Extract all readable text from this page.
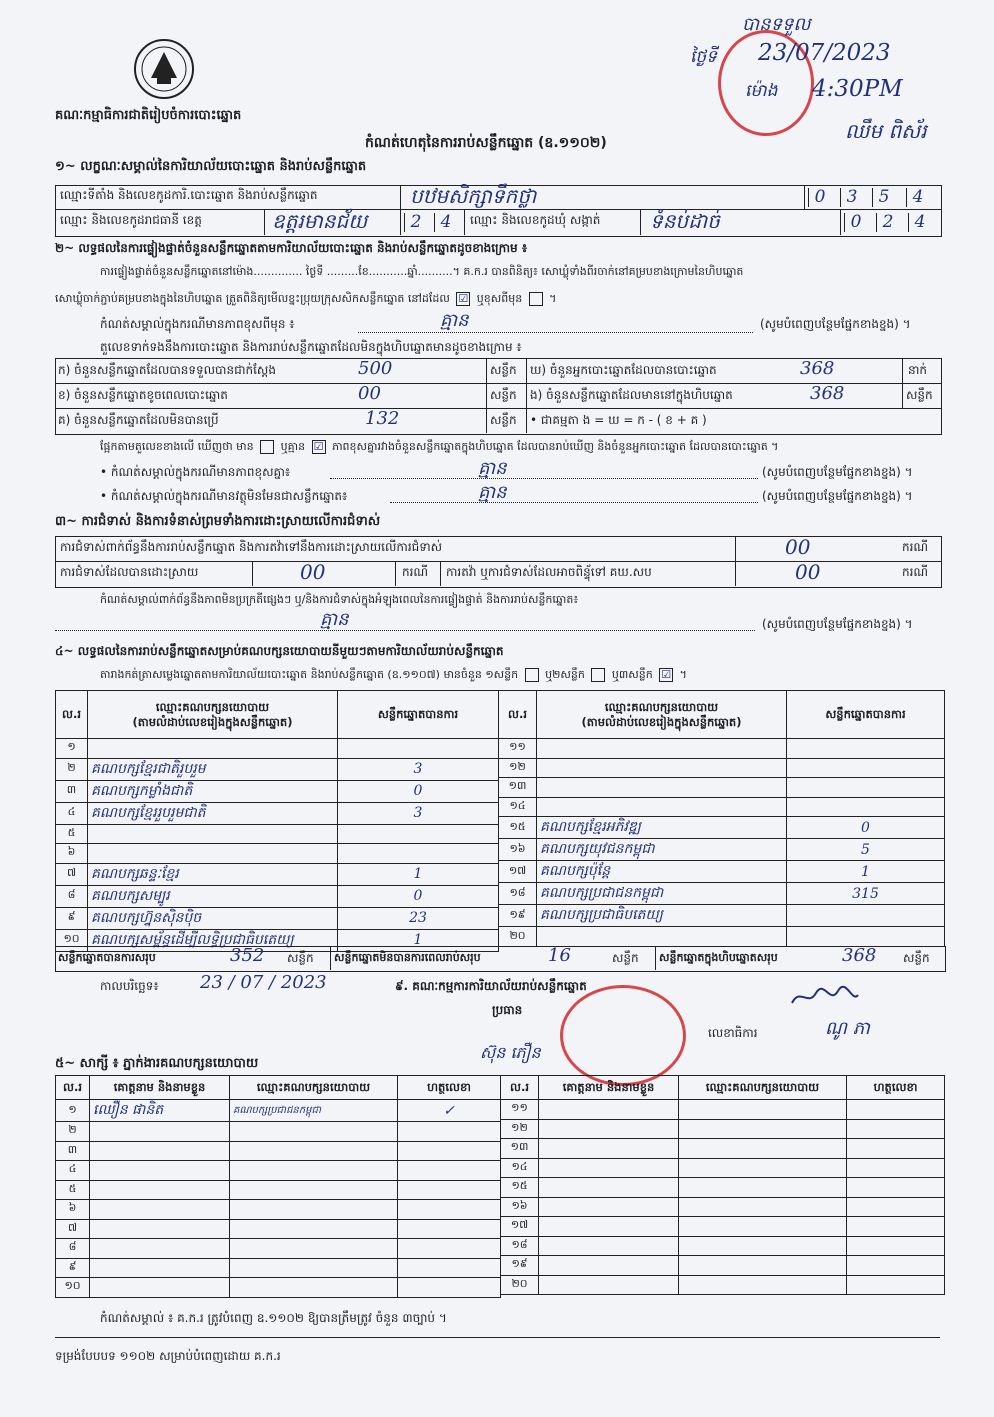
គណៈកម្មាធិការជាតិរៀបចំការបោះឆ្នោត
បានទទួល
ថ្ងៃទី 23/07/2023
ម៉ោង 4:30PM
ឈឹម ពិស័រ
កំណត់ហេតុនៃការរាប់សន្លឹកឆ្នោត (ឧ.១១០២)
១~ លក្ខណៈសម្គាល់នៃការិយាល័យបោះឆ្នោត និងរាប់សន្លឹកឆ្នោត
ឈ្មោះទីតាំង និងលេខកូដការិ.បោះឆ្នោត និងរាប់សន្លឹកឆ្នោត	បឋមសិក្សាទឹកថ្លា	0	3	5	4
ឈ្មោះ និងលេខកូដរាជធានី ខេត្ត	ឧត្តរមានជ័យ	2	4	ឈ្មោះ និងលេខកូដឃុំ សង្កាត់ ទំនប់ដាច់	0	2	4
២~ លទ្ធផលនៃការផ្ទៀងផ្ទាត់ចំនួនសន្លឹកឆ្នោតតាមការិយាល័យបោះឆ្នោត និងរាប់សន្លឹកឆ្នោតដូចខាងក្រោម ៖
ការផ្ទៀងផ្ទាត់ចំនួនសន្លឹកឆ្នោតនៅម៉ោង.............. ថ្ងៃទី .........ខែ...........ឆ្នាំ..........។ គ.ក.រ បានពិនិត្យ៖ សោឃ្លុំទាំងពីរចាក់នៅគម្របខាងក្រោមនៃហិបឆ្នោត
សោឃ្លុំចាក់ភ្ជាប់គម្របខាងក្នុងនៃហិបឆ្នោត ត្រួតពិនិត្យមើលខ្នះប្រុយក្រុសសិកសន្លឹកឆ្នោត នៅដដែល ☑ ឬខុសពីមុន  ។
កំណត់សម្គាល់ក្នុងករណីមានភាពខុសពីមុន ៖	គ្មាន	(សូមបំពេញបន្ថែមផ្នែកខាងខ្នង) ។
តួលេខទាក់ទងនឹងការបោះឆ្នោត និងការរាប់សន្លឹកឆ្នោតដែលមិនក្នុងហិបឆ្នោតមានដូចខាងក្រោម ៖
ក) ចំនួនសន្លឹកឆ្នោតដែលបានទទួលបានជាក់ស្តែង	500	សន្លឹក ឃ) ចំនួនអ្នកបោះឆ្នោតដែលបានបោះឆ្នោត	368	នាក់
ខ) ចំនួនសន្លឹកឆ្នោតខូចពេលបោះឆ្នោត	00	សន្លឹក ង) ចំនួនសន្លឹកឆ្នោតដែលមាននៅក្នុងហិបឆ្នោត	368	សន្លឹក
គ) ចំនួនសន្លឹកឆ្នោតដែលមិនបានប្រើ	132	សន្លឹក • ជាគម្មតា ង = ឃ = ក - ( ខ + គ )
ផ្អែកតាមតួលេខខាងលើ ឃើញថា មាន ឬគ្មាន ☑ ភាពខុសគ្នារវាងចំនួនសន្លឹកឆ្នោតក្នុងហិបឆ្នោត ដែលបានរាប់ឃើញ និងចំនួនអ្នកបោះឆ្នោត ដែលបានបោះឆ្នោត ។
• កំណត់សម្គាល់ក្នុងករណីមានភាពខុសគ្នា៖	គ្មាន	(សូមបំពេញបន្ថែមផ្នែកខាងខ្នង) ។
• កំណត់សម្គាល់ក្នុងករណីមានវត្ថុមិនមែនជាសន្លឹកឆ្នោត៖	គ្មាន	(សូមបំពេញបន្ថែមផ្នែកខាងខ្នង) ។
៣~ ការជំទាស់ និងការទំនាស់ព្រមទាំងការដោះស្រាយលើការជំទាស់
ការជំទាស់ពាក់ព័ន្ធនឹងការរាប់សន្លឹកឆ្នោត និងការតវ៉ាទៅនឹងការដោះស្រាយលើការជំទាស់	00	ករណី
ការជំទាស់ដែលបានដោះស្រាយ	00	ករណី ការតវ៉ា ឬការជំទាស់ដែលអាចពិន្ទុ័ទៅ គឃ.សប	00	ករណី
កំណត់សម្គាល់ពាក់ព័ន្ធនឹងភាពមិនប្រក្រតីផ្សេងៗ ឬ/និងការជំទាស់ក្នុងអំឡុងពេលនៃការផ្ទៀងផ្ទាត់ និងការរាប់សន្លឹកឆ្នោត៖
គ្មាន	(សូមបំពេញបន្ថែមផ្នែកខាងខ្នង) ។
៤~ លទ្ធផលនៃការរាប់សន្លឹកឆ្នោតសម្រាប់គណបក្សនយោបាយនីមួយៗតាមការិយាល័យរាប់សន្លឹកឆ្នោត
តារាងកត់ត្រាសម្លេងឆ្នោតតាមការិយាល័យបោះឆ្នោត និងរាប់សន្លឹកឆ្នោត (ឧ.១១០៧) មានចំនួន ១សន្លឹក ឬ២សន្លឹក ឬ៣សន្លឹក ☑ ។
ល.រ	ឈ្មោះគណបក្សនយោបាយ
(តាមលំដាប់លេខរៀងក្នុងសន្លឹកឆ្នោត)	សន្លឹកឆ្នោតបានការ
១		
២	គណបក្សខ្មែរជាតិរួបរួម	3
៣	គណបក្សកម្លាំងជាតិ	0
៤	គណបក្សខ្មែររួបរួមជាតិ	3
៥		
៦		
៧	គណបក្សឆន្ទៈខ្មែរ	1
៨	គណបក្សសម្បូរ	0
៩	គណបក្សហ្វ៊ុនស៊ិនប៉ិច	23
១០	គណបក្សសម្ព័ន្ធដើម្បីលទ្ធិប្រជាធិបតេយ្យ	1
ល.រ	ឈ្មោះគណបក្សនយោបាយ
(តាមលំដាប់លេខរៀងក្នុងសន្លឹកឆ្នោត)	សន្លឹកឆ្នោតបានការ
១១		
១២		
១៣		
១៤		
១៥	គណបក្សខ្មែរអភិវឌ្ឍ	0
១៦	គណបក្សយុវជនកម្ពុជា	5
១៧	គណបក្សប៉ុន្តែ	1
១៨	គណបក្សប្រជាជនកម្ពុជា	315
១៩	គណបក្សប្រជាធិបតេយ្យ	
២០		
សន្លឹកឆ្នោតបានការសរុប	352 សន្លឹក សន្លឹកឆ្នោតមិនបានការពេលរាប់សរុប	16	សន្លឹក សន្លឹកឆ្នោតក្នុងហិបឆ្នោតសរុប	368 សន្លឹក
កាលបរិច្ឆេទ៖ 23 / 07 / 2023	៩. គណៈកម្មការការិយាល័យរាប់សន្លឹកឆ្នោត
ប្រធាន
ស៊ុន ភឿន
លេខាធិការ	ណូ ភា
៥~ សាក្សី ៖ ភ្នាក់ងារគណបក្សនយោបាយ
ល.រ	គោត្តនាម និងនាមខ្លួន	ឈ្មោះគណបក្សនយោបាយ	ហត្ថលេខា
១	ឈឿន ផានិត	គណបក្សប្រជាជនកម្ពុជា	✓
២			
៣			
៤			
៥			
៦			
៧			
៨			
៩			
១០			
ល.រ	គោត្តនាម និងនាមខ្លួន	ឈ្មោះគណបក្សនយោបាយ	ហត្ថលេខា
១១			
១២			
១៣			
១៤			
១៥			
១៦			
១៧			
១៨			
១៩			
២០			
កំណត់សម្គាល់ ៖ គ.ក.រ ត្រូវបំពេញ ឧ.១១០២ ឱ្យបានត្រឹមត្រូវ ចំនួន ៣ច្បាប់ ។
ទម្រង់បែបបទ ១១០២ សម្រាប់បំពេញដោយ គ.ក.រ
